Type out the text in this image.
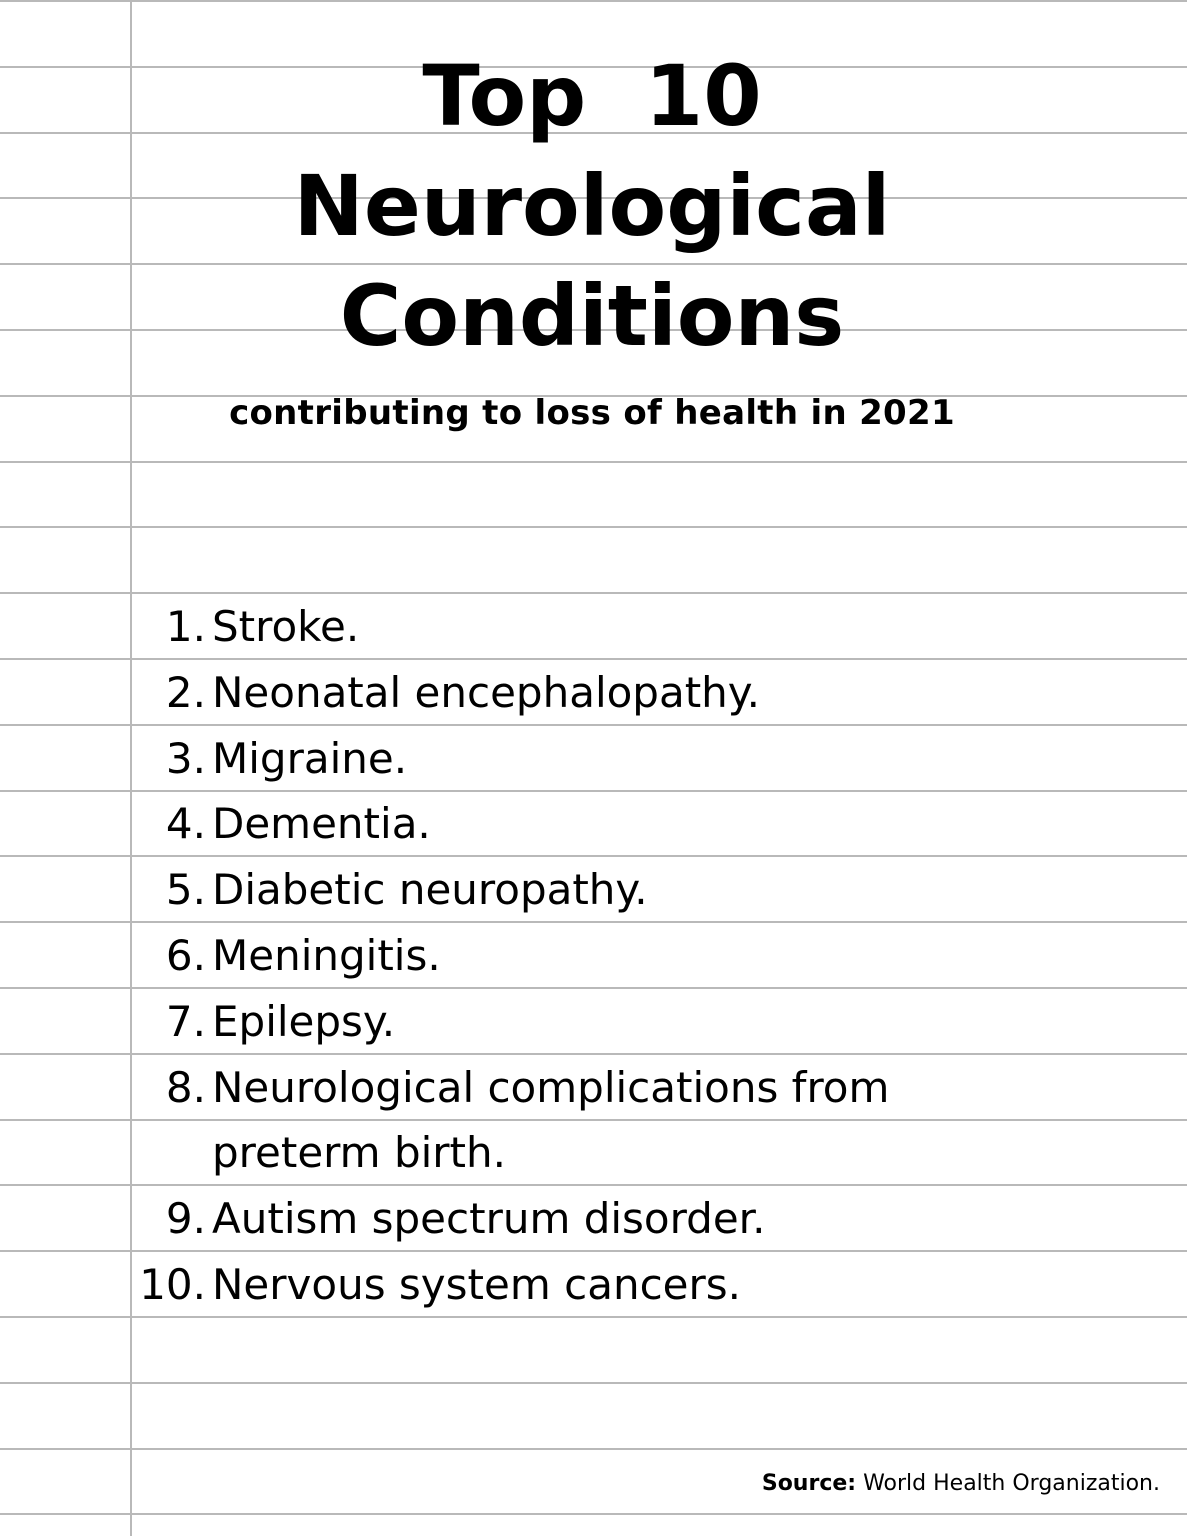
Top  10
Neurological
Conditions
contributing to loss of health in 2021
1. Stroke.
2. Neonatal encephalopathy.
3. Migraine.
4. Dementia.
5. Diabetic neuropathy.
6. Meningitis.
7. Epilepsy.
8. Neurological complications from
preterm birth.
9. Autism spectrum disorder.
10. Nervous system cancers.
Source: World Health Organization.
